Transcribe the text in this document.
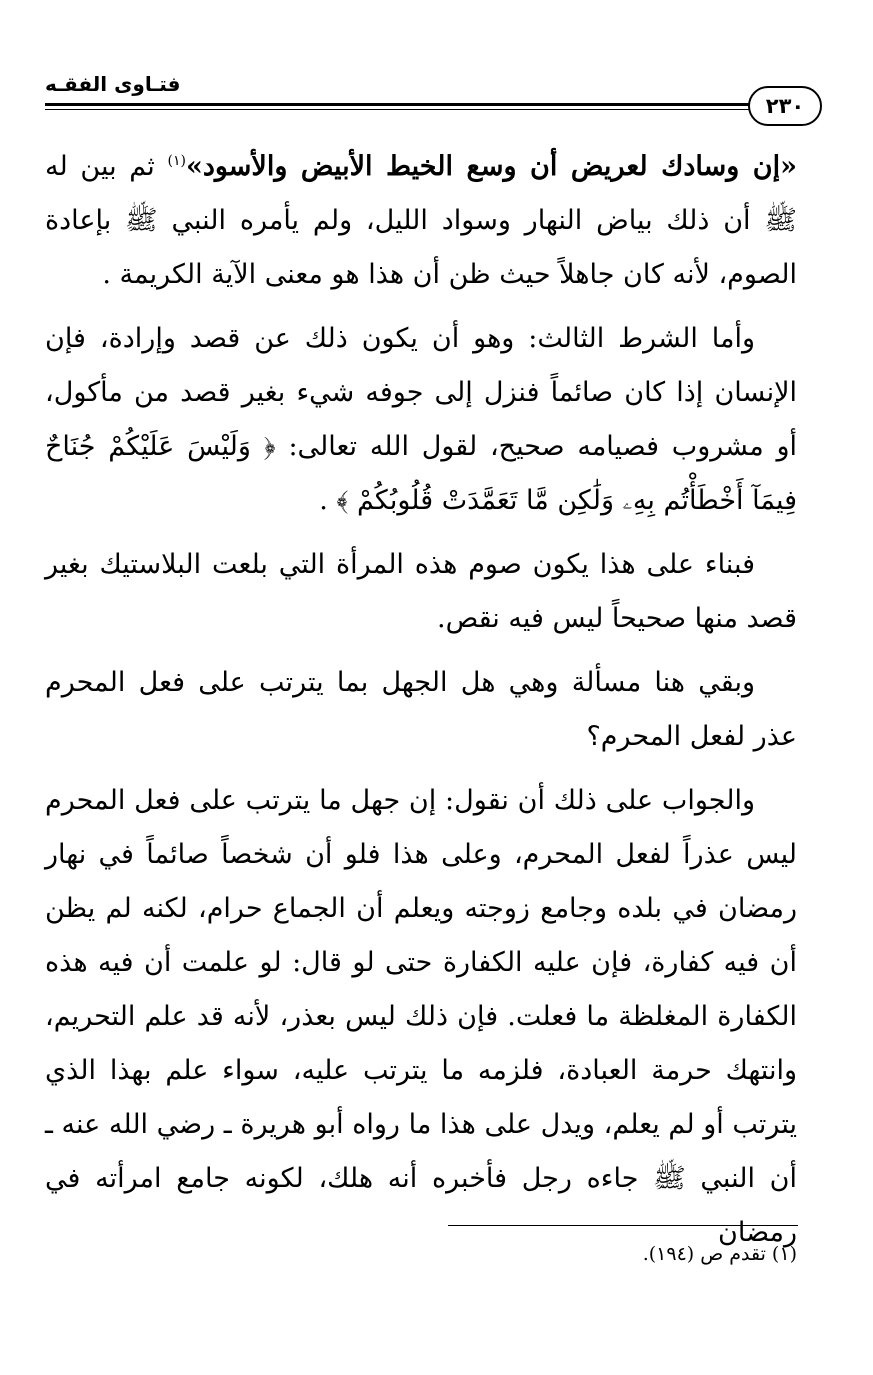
فتـاوى الفقـه
٢٣٠

«إن وسادك لعريض أن وسع الخيط الأبيض والأسود»$^{(١)}$ ثم بين له ﷺ أن ذلك بياض النهار وسواد الليل، ولم يأمره النبي ﷺ بإعادة الصوم، لأنه كان جاهلاً حيث ظن أن هذا هو معنى الآية الكريمة .

وأما الشرط الثالث: وهو أن يكون ذلك عن قصد وإرادة، فإن الإنسان إذا كان صائماً فنزل إلى جوفه شيء بغير قصد من مأكول، أو مشروب فصيامه صحيح، لقول الله تعالى: ﴿ وَلَيْسَ عَلَيْكُمْ جُنَاحٌ فِيمَآ أَخْطَأْتُم بِهِۦ وَلَٰكِن مَّا تَعَمَّدَتْ قُلُوبُكُمْ ﴾ .

فبناء على هذا يكون صوم هذه المرأة التي بلعت البلاستيك بغير قصد منها صحيحاً ليس فيه نقص.

وبقي هنا مسألة وهي هل الجهل بما يترتب على فعل المحرم عذر لفعل المحرم؟

والجواب على ذلك أن نقول: إن جهل ما يترتب على فعل المحرم ليس عذراً لفعل المحرم، وعلى هذا فلو أن شخصاً صائماً في نهار رمضان في بلده وجامع زوجته ويعلم أن الجماع حرام، لكنه لم يظن أن فيه كفارة، فإن عليه الكفارة حتى لو قال: لو علمت أن فيه هذه الكفارة المغلظة ما فعلت. فإن ذلك ليس بعذر، لأنه قد علم التحريم، وانتهك حرمة العبادة، فلزمه ما يترتب عليه، سواء علم بهذا الذي يترتب أو لم يعلم، ويدل على هذا ما رواه أبو هريرة ـ رضي الله عنه ـ أن النبي ﷺ جاءه رجل فأخبره أنه هلك، لكونه جامع امرأته في رمضان

(١) تقدم ص (١٩٤).
